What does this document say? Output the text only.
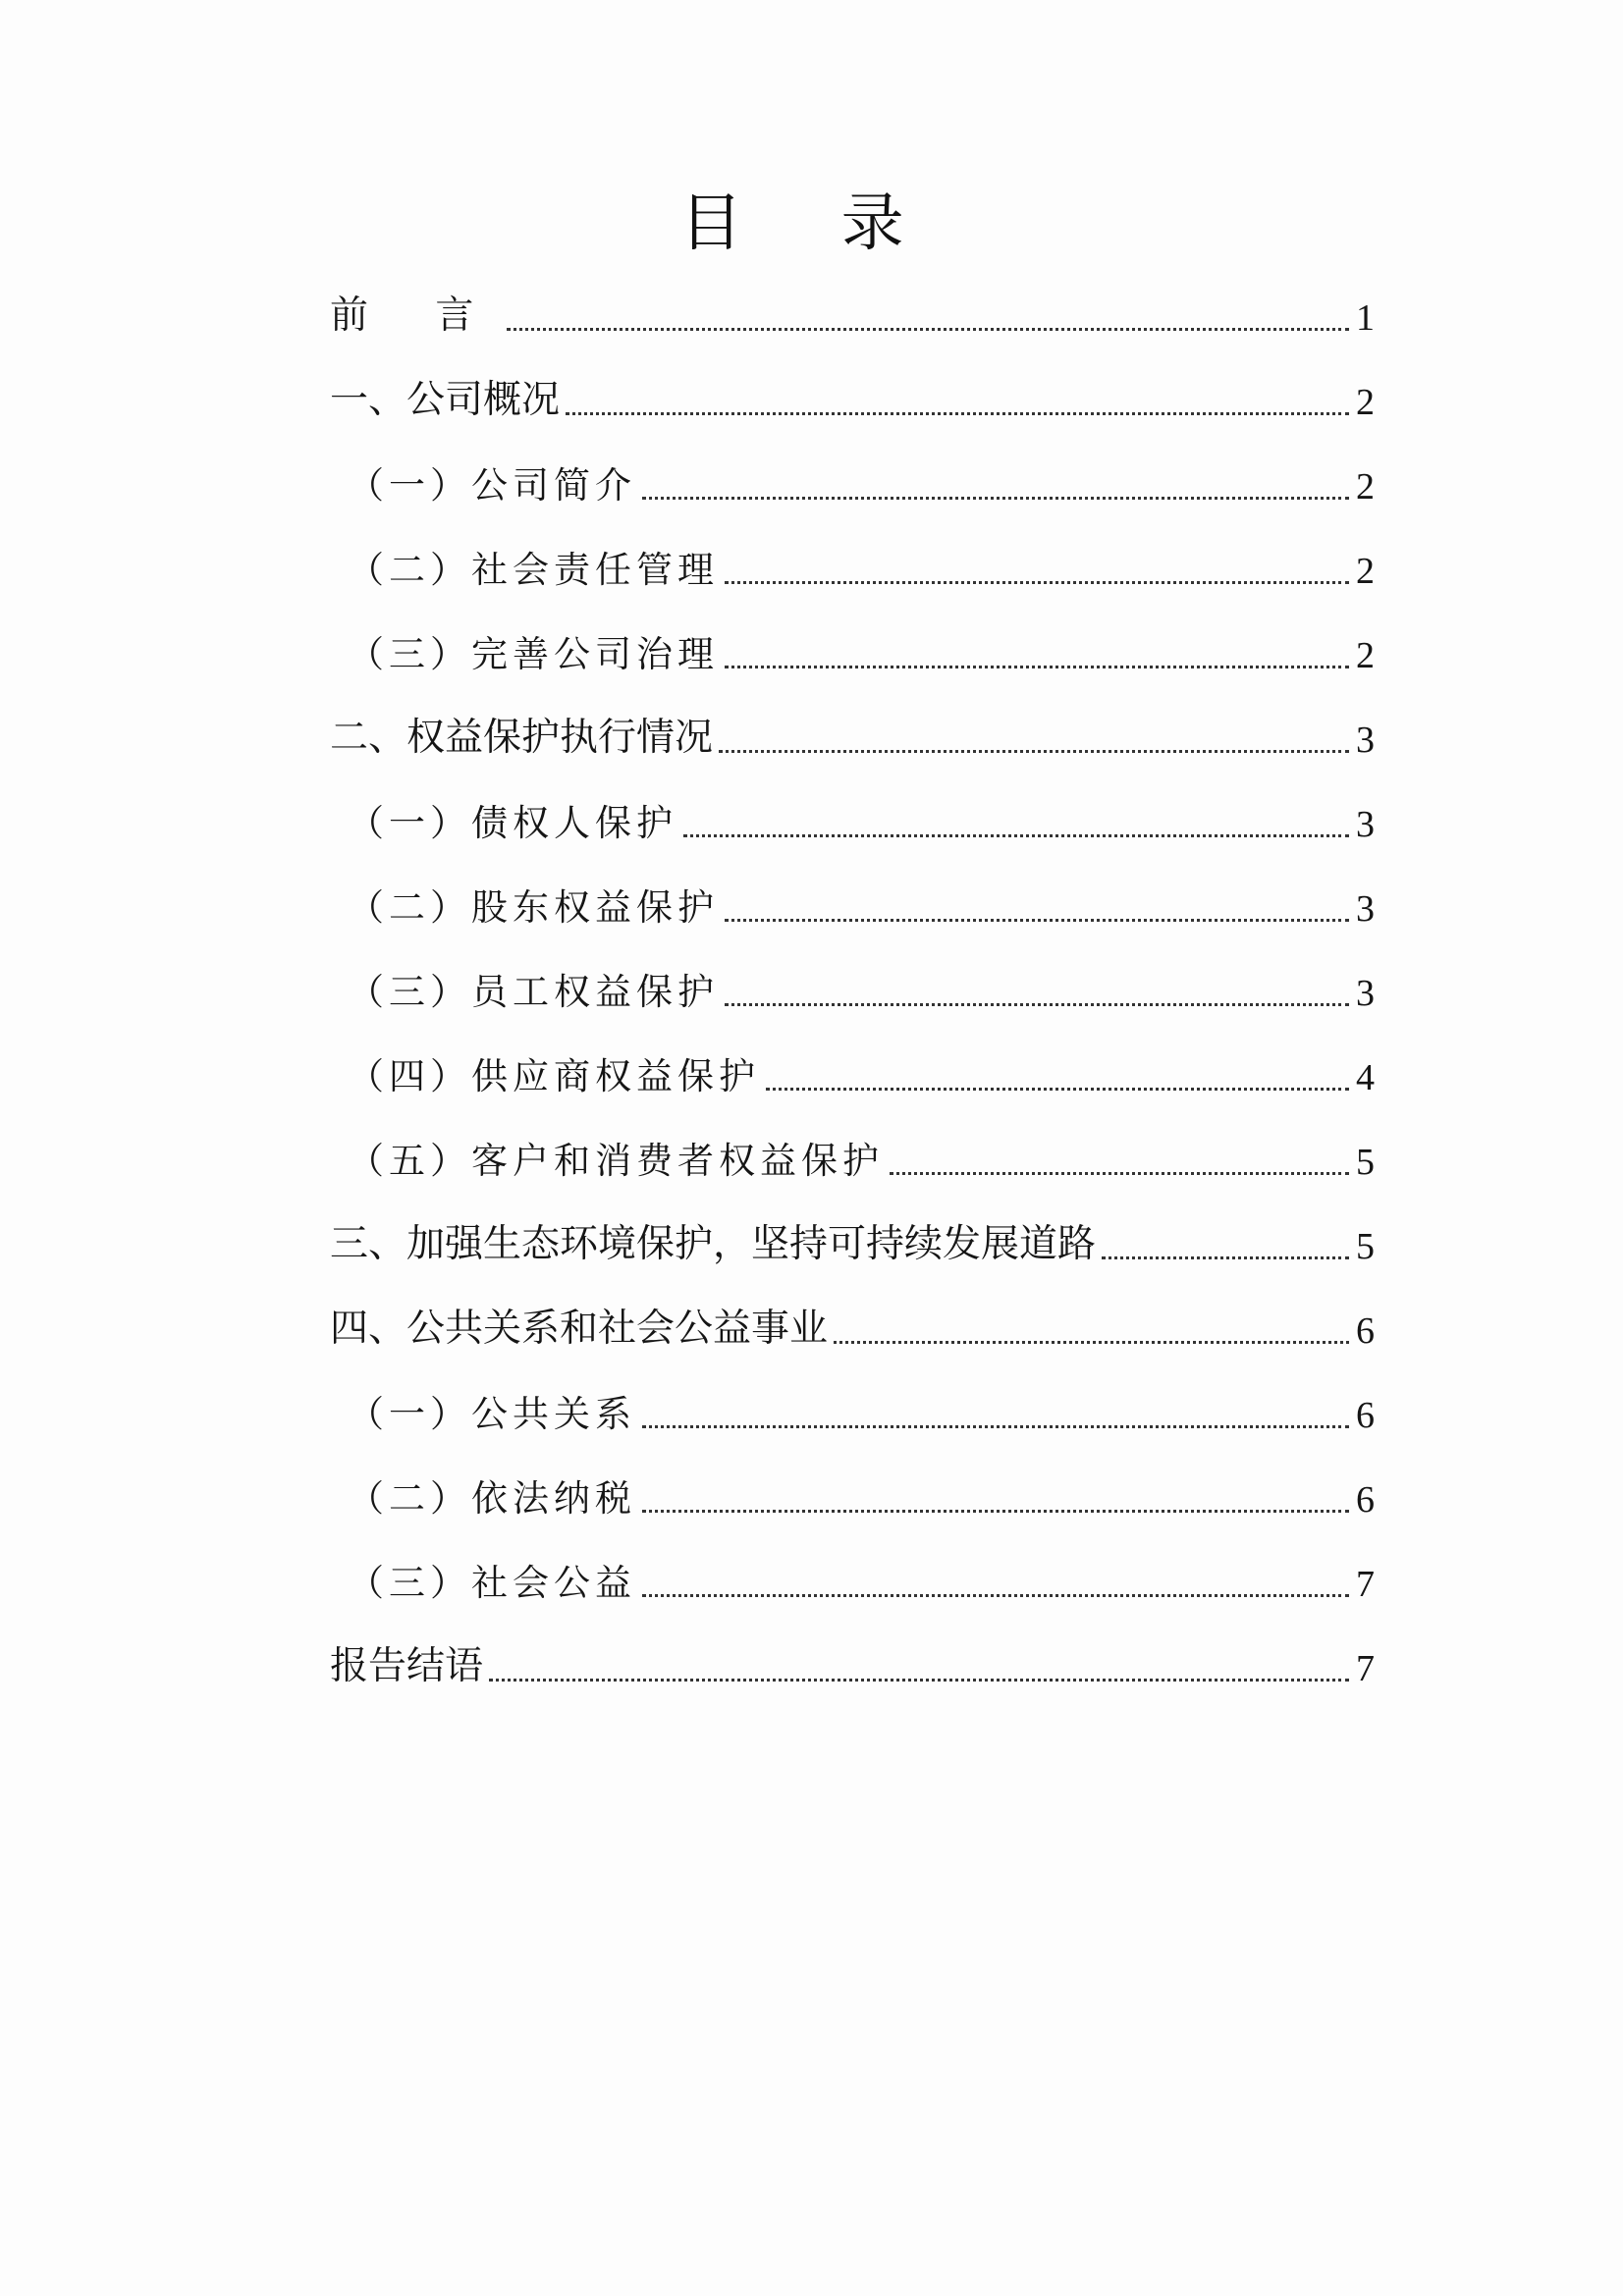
目 录
前 言	1
一、公司概况	2
（一）公司简介	2
（二）社会责任管理	2
（三）完善公司治理	2
二、权益保护执行情况	3
（一）债权人保护	3
（二）股东权益保护	3
（三）员工权益保护	3
（四）供应商权益保护	4
（五）客户和消费者权益保护	5
三、加强生态环境保护，坚持可持续发展道路	5
四、公共关系和社会公益事业	6
（一）公共关系	6
（二）依法纳税	6
（三）社会公益	7
报告结语	7
